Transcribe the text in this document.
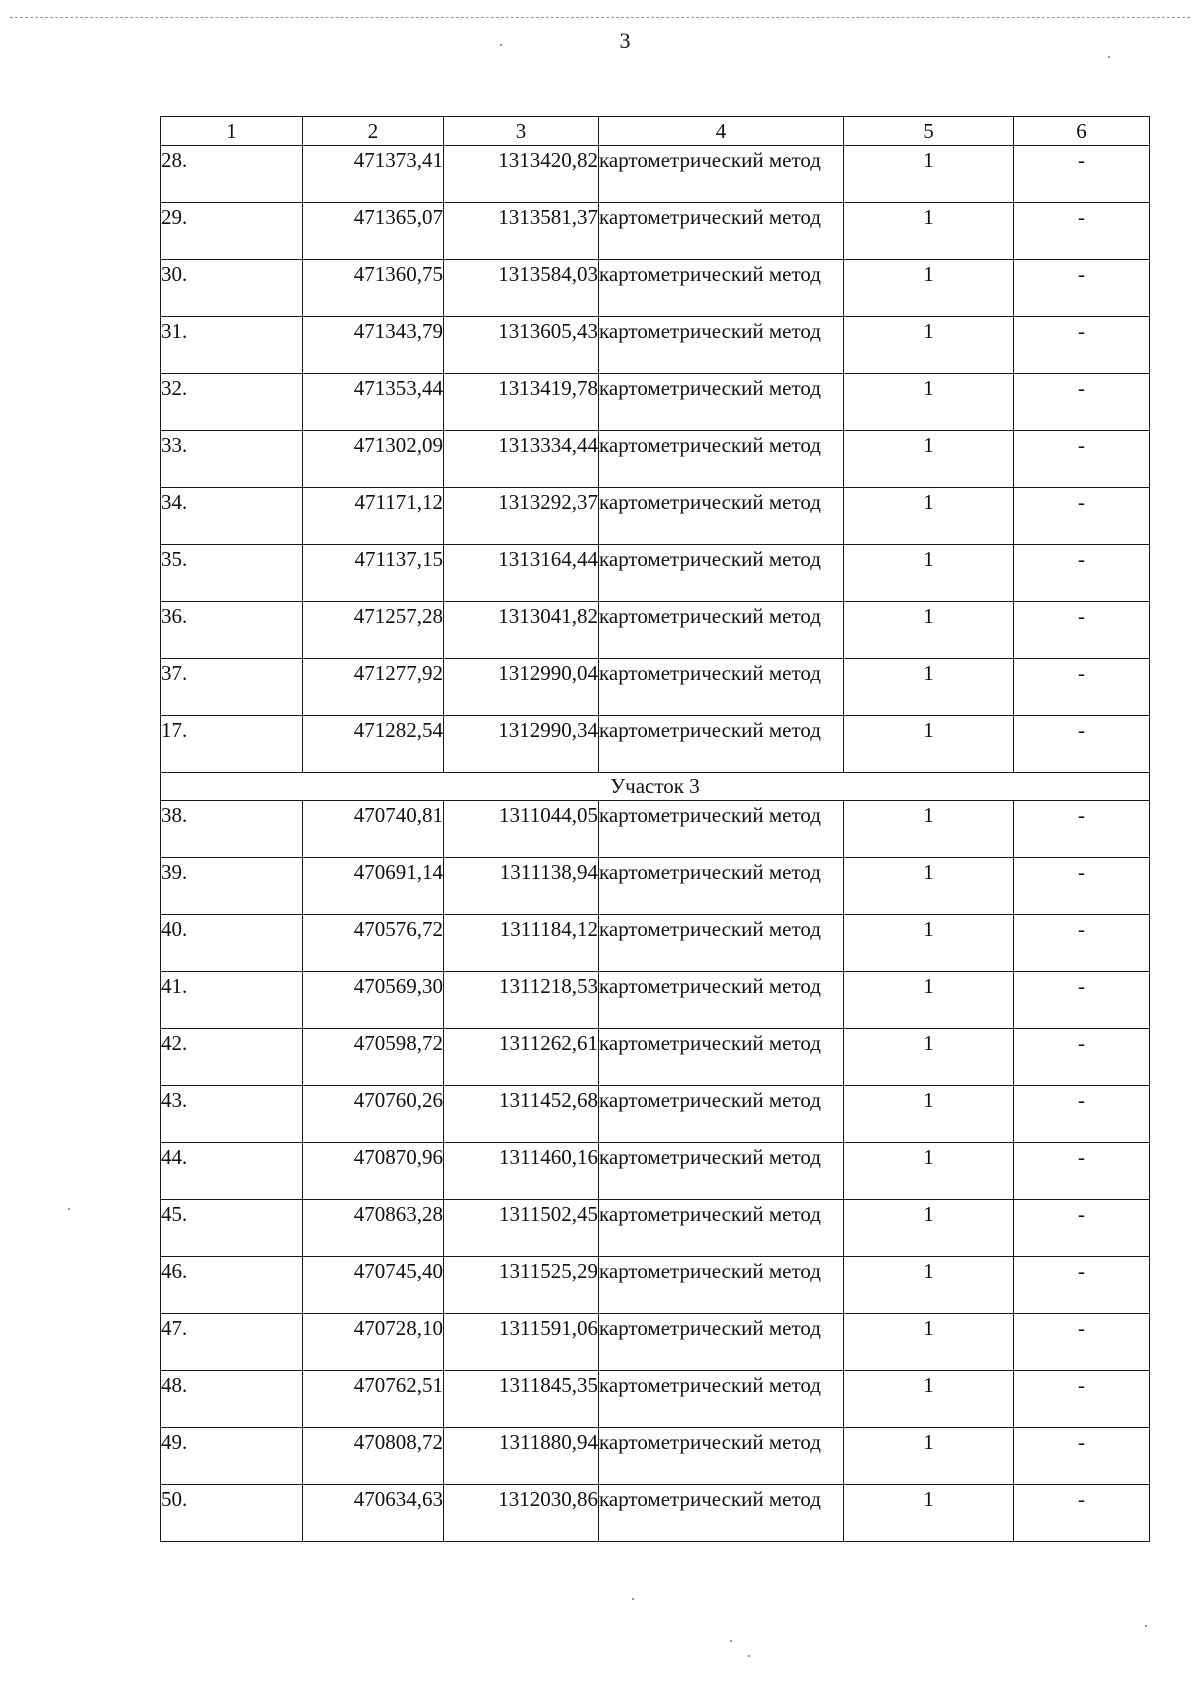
3
1	2	3	4	5	6
28.	471373,41	1313420,82	картометрический метод	1	-
29.	471365,07	1313581,37	картометрический метод	1	-
30.	471360,75	1313584,03	картометрический метод	1	-
31.	471343,79	1313605,43	картометрический метод	1	-
32.	471353,44	1313419,78	картометрический метод	1	-
33.	471302,09	1313334,44	картометрический метод	1	-
34.	471171,12	1313292,37	картометрический метод	1	-
35.	471137,15	1313164,44	картометрический метод	1	-
36.	471257,28	1313041,82	картометрический метод	1	-
37.	471277,92	1312990,04	картометрический метод	1	-
17.	471282,54	1312990,34	картометрический метод	1	-
Участок 3					
38.	470740,81	1311044,05	картометрический метод	1	-
39.	470691,14	1311138,94	картометрический метод	1	-
40.	470576,72	1311184,12	картометрический метод	1	-
41.	470569,30	1311218,53	картометрический метод	1	-
42.	470598,72	1311262,61	картометрический метод	1	-
43.	470760,26	1311452,68	картометрический метод	1	-
44.	470870,96	1311460,16	картометрический метод	1	-
45.	470863,28	1311502,45	картометрический метод	1	-
46.	470745,40	1311525,29	картометрический метод	1	-
47.	470728,10	1311591,06	картометрический метод	1	-
48.	470762,51	1311845,35	картометрический метод	1	-
49.	470808,72	1311880,94	картометрический метод	1	-
50.	470634,63	1312030,86	картометрический метод	1	-
